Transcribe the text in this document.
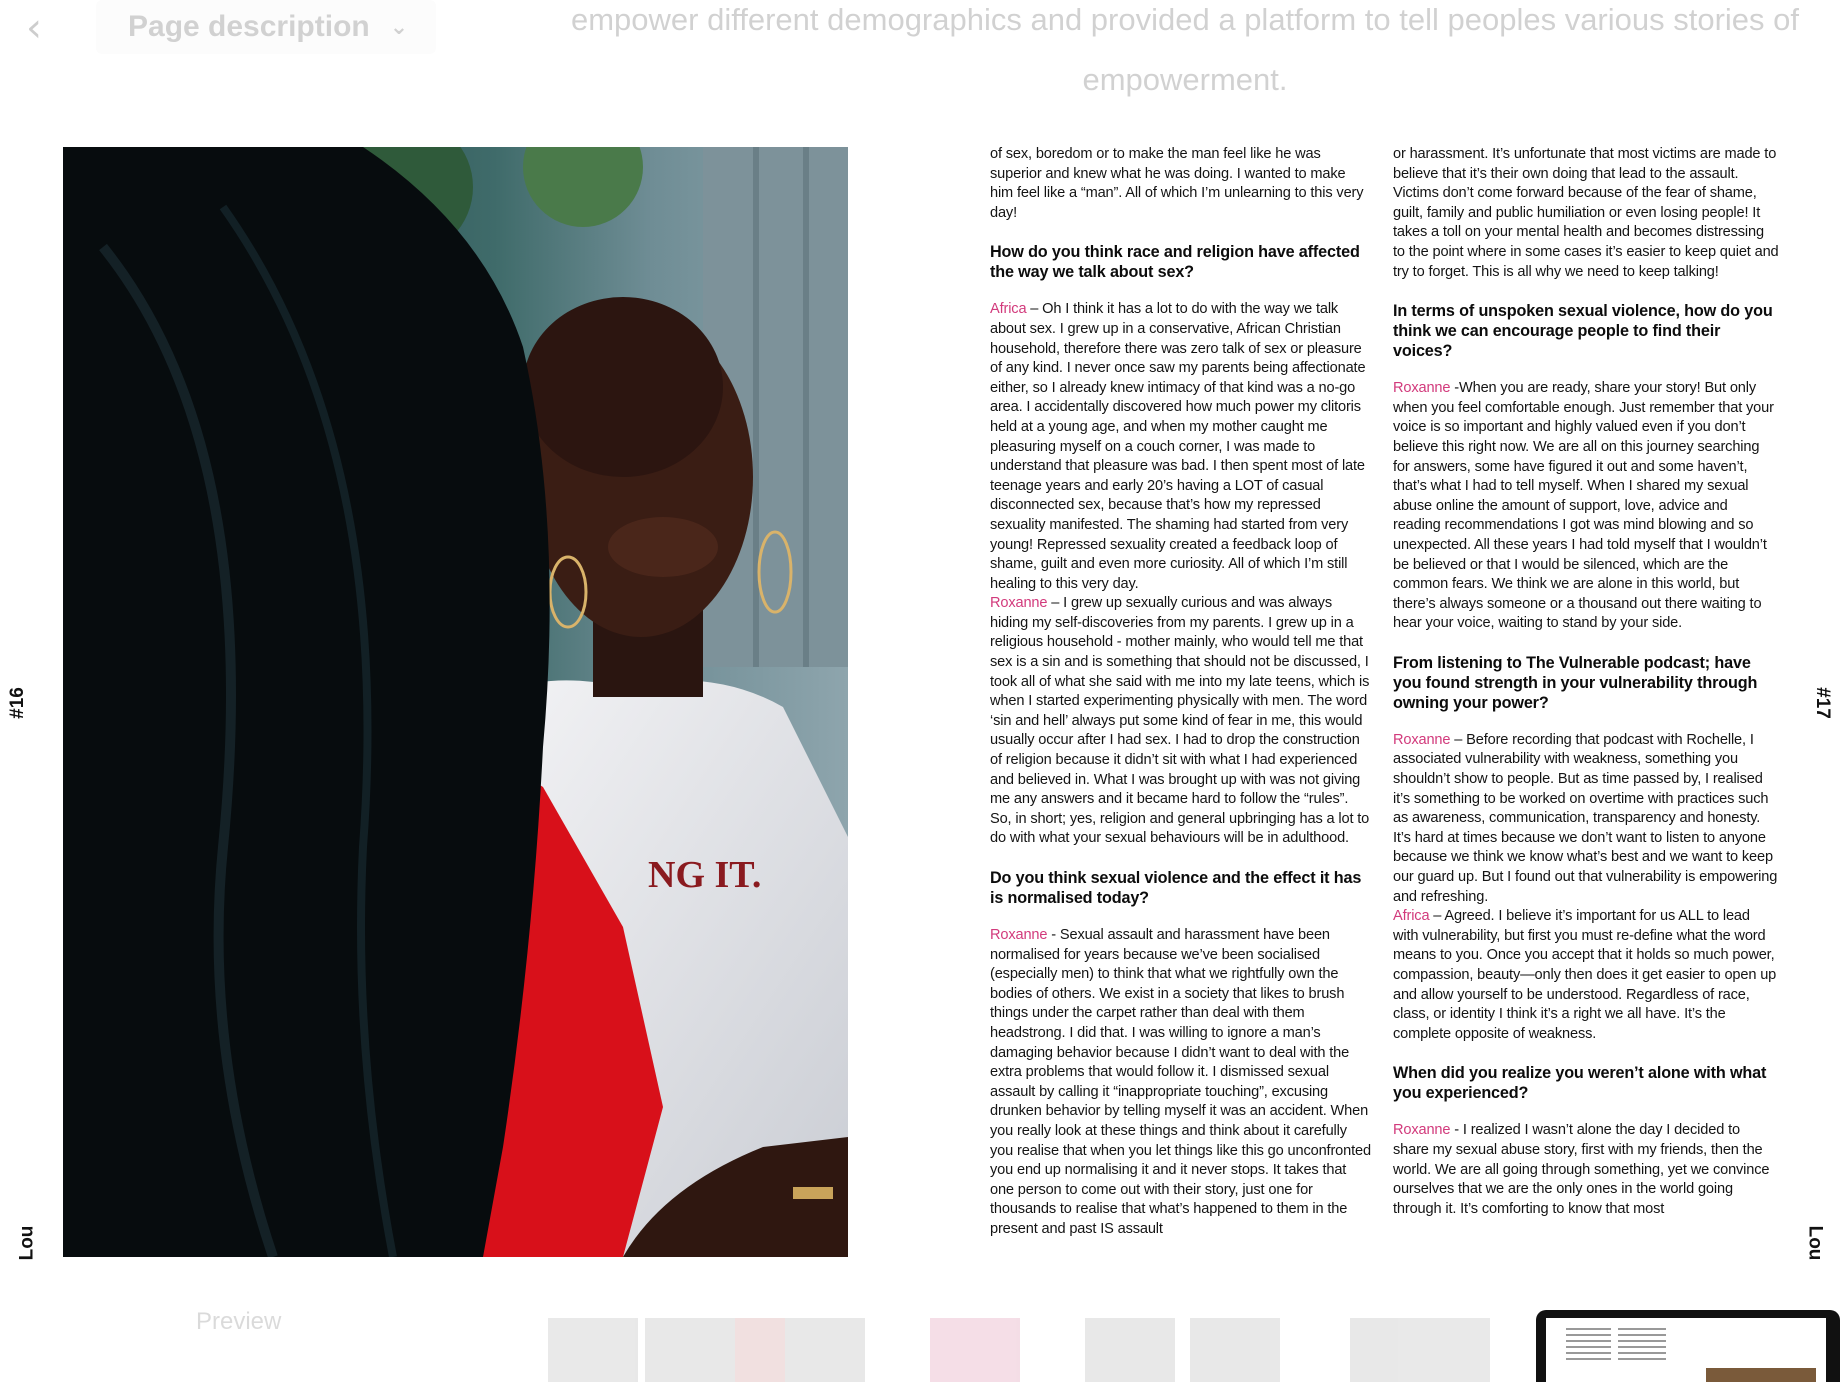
‹	Page description ⌄	empower different demographics and provided a platform to tell peoples various stories of empowerment.
NG IT.
#16
Lou
#17
Lou

of sex, boredom or to make the man feel like he was superior and knew what he was doing. I wanted to make him feel like a “man”. All of which I’m unlearning to this very day!

How do you think race and religion have affected the way we talk about sex?

Africa – Oh I think it has a lot to do with the way we talk about sex. I grew up in a conservative, African Christian household, therefore there was zero talk of sex or pleasure of any kind. I never once saw my parents being affectionate either, so I already knew intimacy of that kind was a no-go area. I accidentally discovered how much power my clitoris held at a young age, and when my mother caught me pleasuring myself on a couch corner, I was made to understand that pleasure was bad. I then spent most of late teenage years and early 20’s having a LOT of casual disconnected sex, because that’s how my repressed sexuality manifested. The shaming had started from very young! Repressed sexuality created a feedback loop of shame, guilt and even more curiosity. All of which I’m still healing to this very day.

Roxanne – I grew up sexually curious and was always hiding my self-discoveries from my parents. I grew up in a religious household - mother mainly, who would tell me that sex is a sin and is something that should not be discussed, I took all of what she said with me into my late teens, which is when I started experimenting physically with men. The word ‘sin and hell’ always put some kind of fear in me, this would usually occur after I had sex. I had to drop the construction of religion because it didn’t sit with what I had experienced and believed in. What I was brought up with was not giving me any answers and it became hard to follow the “rules”. So, in short; yes, religion and general upbringing has a lot to do with what your sexual behaviours will be in adulthood.

Do you think sexual violence and the effect it has is normalised today?

Roxanne - Sexual assault and harassment have been normalised for years because we’ve been socialised (especially men) to think that what we rightfully own the bodies of others. We exist in a society that likes to brush things under the carpet rather than deal with them headstrong. I did that. I was willing to ignore a man’s damaging behavior because I didn’t want to deal with the extra problems that would follow it. I dismissed sexual assault by calling it “inappropriate touching”, excusing drunken behavior by telling myself it was an accident. When you really look at these things and think about it carefully you realise that when you let things like this go unconfronted you end up normalising it and it never stops. It takes that one person to come out with their story, just one for thousands to realise that what’s happened to them in the present and past IS assault

or harassment. It’s unfortunate that most victims are made to believe that it’s their own doing that lead to the assault. Victims don’t come forward because of the fear of shame, guilt, family and public humiliation or even losing people! It takes a toll on your mental health and becomes distressing to the point where in some cases it’s easier to keep quiet and try to forget. This is all why we need to keep talking!

In terms of unspoken sexual violence, how do you think we can encourage people to find their voices?

Roxanne -When you are ready, share your story! But only when you feel comfortable enough. Just remember that your voice is so important and highly valued even if you don’t believe this right now. We are all on this journey searching for answers, some have figured it out and some haven’t, that’s what I had to tell myself. When I shared my sexual abuse online the amount of support, love, advice and reading recommendations I got was mind blowing and so unexpected. All these years I had told myself that I wouldn’t be believed or that I would be silenced, which are the common fears. We think we are alone in this world, but there’s always someone or a thousand out there waiting to hear your voice, waiting to stand by your side.

From listening to The Vulnerable podcast; have you found strength in your vulnerability through owning your power?

Roxanne – Before recording that podcast with Rochelle, I associated vulnerability with weakness, something you shouldn’t show to people. But as time passed by, I realised it’s something to be worked on overtime with practices such as awareness, communication, transparency and honesty. It’s hard at times because we don’t want to listen to anyone because we think we know what’s best and we want to keep our guard up. But I found out that vulnerability is empowering and refreshing.

Africa – Agreed. I believe it’s important for us ALL to lead with vulnerability, but first you must re-define what the word means to you. Once you accept that it holds so much power, compassion, beauty—only then does it get easier to open up and allow yourself to be understood. Regardless of race, class, or identity I think it’s a right we all have. It’s the complete opposite of weakness.

When did you realize you weren’t alone with what you experienced?

Roxanne - I realized I wasn’t alone the day I decided to share my sexual abuse story, first with my friends, then the world. We are all going through something, yet we convince ourselves that we are the only ones in the world going through it. It’s comforting to know that most

Preview
